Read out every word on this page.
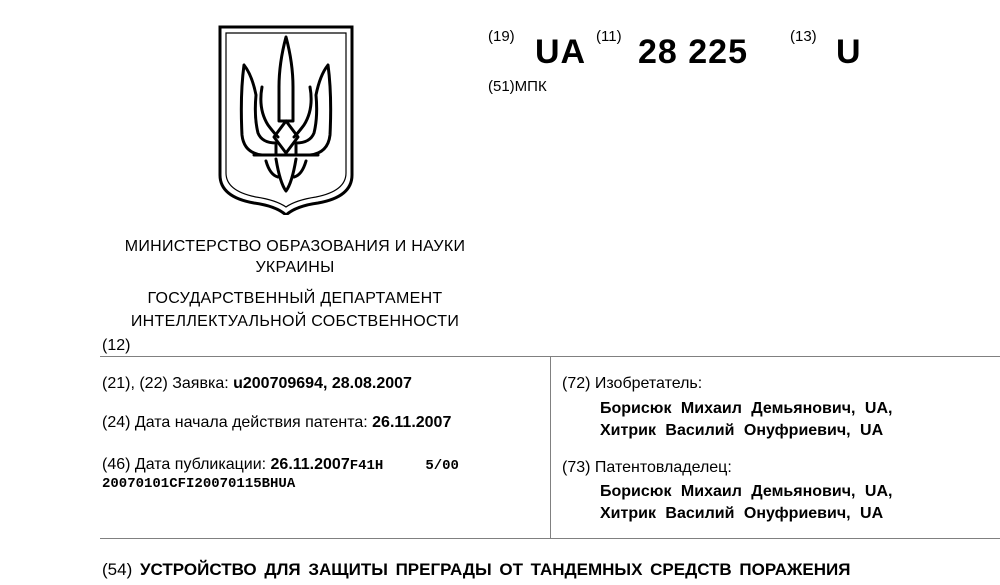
(19) UA (11) 28 225	(13) U
(51)МПК
МИНИСТЕРСТВО ОБРАЗОВАНИЯ И НАУКИ
УКРАИНЫ
ГОСУДАРСТВЕННЫЙ ДЕПАРТАМЕНТ
ИНТЕЛЛЕКТУАЛЬНОЙ СОБСТВЕННОСТИ
(12)
(21), (22) Заявка: u200709694, 28.08.2007
(24) Дата начала действия патента: 26.11.2007
(46) Дата публикации: 26.11.2007F41H     5/00
20070101CFI20070115BHUA
(72) Изобретатель:
Борисюк Михаил Демьянович, UA,
Хитрик Василий Онуфриевич, UA
(73) Патентовладелец:
Борисюк Михаил Демьянович, UA,
Хитрик Василий Онуфриевич, UA
(54) УСТРОЙСТВО ДЛЯ ЗАЩИТЫ ПРЕГРАДЫ ОТ ТАНДЕМНЫХ СРЕДСТВ ПОРАЖЕНИЯ
